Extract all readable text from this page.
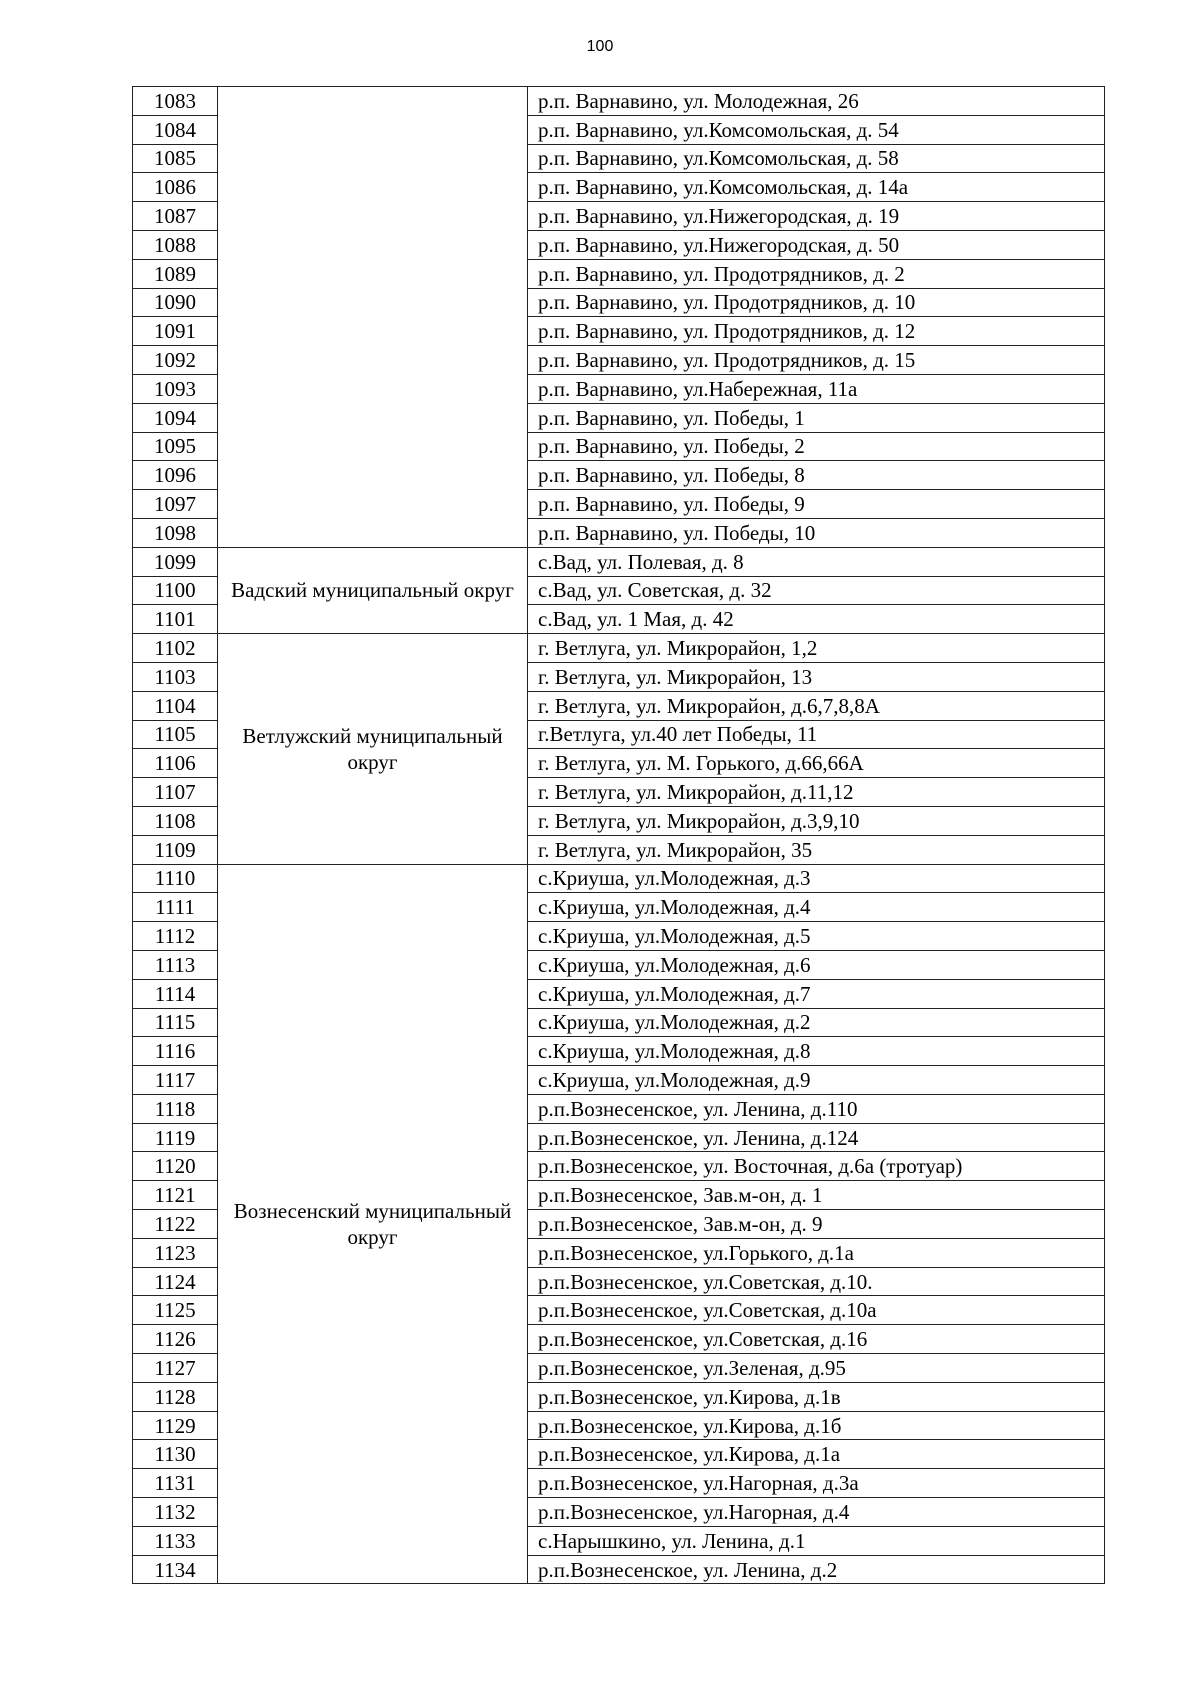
100
1083		р.п. Варнавино, ул. Молодежная, 26
1084		р.п. Варнавино, ул.Комсомольская, д. 54
1085		р.п. Варнавино, ул.Комсомольская, д. 58
1086		р.п. Варнавино, ул.Комсомольская, д. 14а
1087		р.п. Варнавино, ул.Нижегородская, д. 19
1088		р.п. Варнавино, ул.Нижегородская, д. 50
1089		р.п. Варнавино, ул. Продотрядников, д. 2
1090		р.п. Варнавино, ул. Продотрядников, д. 10
1091		р.п. Варнавино, ул. Продотрядников, д. 12
1092		р.п. Варнавино, ул. Продотрядников, д. 15
1093		р.п. Варнавино, ул.Набережная, 11а
1094		р.п. Варнавино, ул. Победы, 1
1095		р.п. Варнавино, ул. Победы, 2
1096		р.п. Варнавино, ул. Победы, 8
1097		р.п. Варнавино, ул. Победы, 9
1098		р.п. Варнавино, ул. Победы, 10
1099	Вадский муниципальный округ	с.Вад, ул. Полевая, д. 8
1100		с.Вад, ул. Советская, д. 32
1101		с.Вад, ул. 1 Мая, д. 42
1102	Ветлужский муниципальный округ	г. Ветлуга, ул. Микрорайон, 1,2
1103		г. Ветлуга, ул. Микрорайон, 13
1104		г. Ветлуга, ул. Микрорайон, д.6,7,8,8А
1105		г.Ветлуга, ул.40 лет Победы, 11
1106		г. Ветлуга, ул. М. Горького, д.66,66А
1107		г. Ветлуга, ул. Микрорайон, д.11,12
1108		г. Ветлуга, ул. Микрорайон, д.3,9,10
1109		г. Ветлуга, ул. Микрорайон, 35
1110	Вознесенский муниципальный округ	с.Криуша, ул.Молодежная, д.3
1111		с.Криуша, ул.Молодежная, д.4
1112		с.Криуша, ул.Молодежная, д.5
1113		с.Криуша, ул.Молодежная, д.6
1114		с.Криуша, ул.Молодежная, д.7
1115		с.Криуша, ул.Молодежная, д.2
1116		с.Криуша, ул.Молодежная, д.8
1117		с.Криуша, ул.Молодежная, д.9
1118		р.п.Вознесенское, ул. Ленина, д.110
1119		р.п.Вознесенское, ул. Ленина, д.124
1120		р.п.Вознесенское, ул. Восточная, д.6а (тротуар)
1121		р.п.Вознесенское, Зав.м-он, д. 1
1122		р.п.Вознесенское, Зав.м-он, д. 9
1123		р.п.Вознесенское, ул.Горького, д.1а
1124		р.п.Вознесенское, ул.Советская, д.10.
1125		р.п.Вознесенское, ул.Советская, д.10а
1126		р.п.Вознесенское, ул.Советская, д.16
1127		р.п.Вознесенское, ул.Зеленая, д.95
1128		р.п.Вознесенское, ул.Кирова, д.1в
1129		р.п.Вознесенское, ул.Кирова, д.1б
1130		р.п.Вознесенское, ул.Кирова, д.1а
1131		р.п.Вознесенское, ул.Нагорная, д.3а
1132		р.п.Вознесенское, ул.Нагорная, д.4
1133		с.Нарышкино, ул. Ленина, д.1
1134		р.п.Вознесенское, ул. Ленина, д.2
